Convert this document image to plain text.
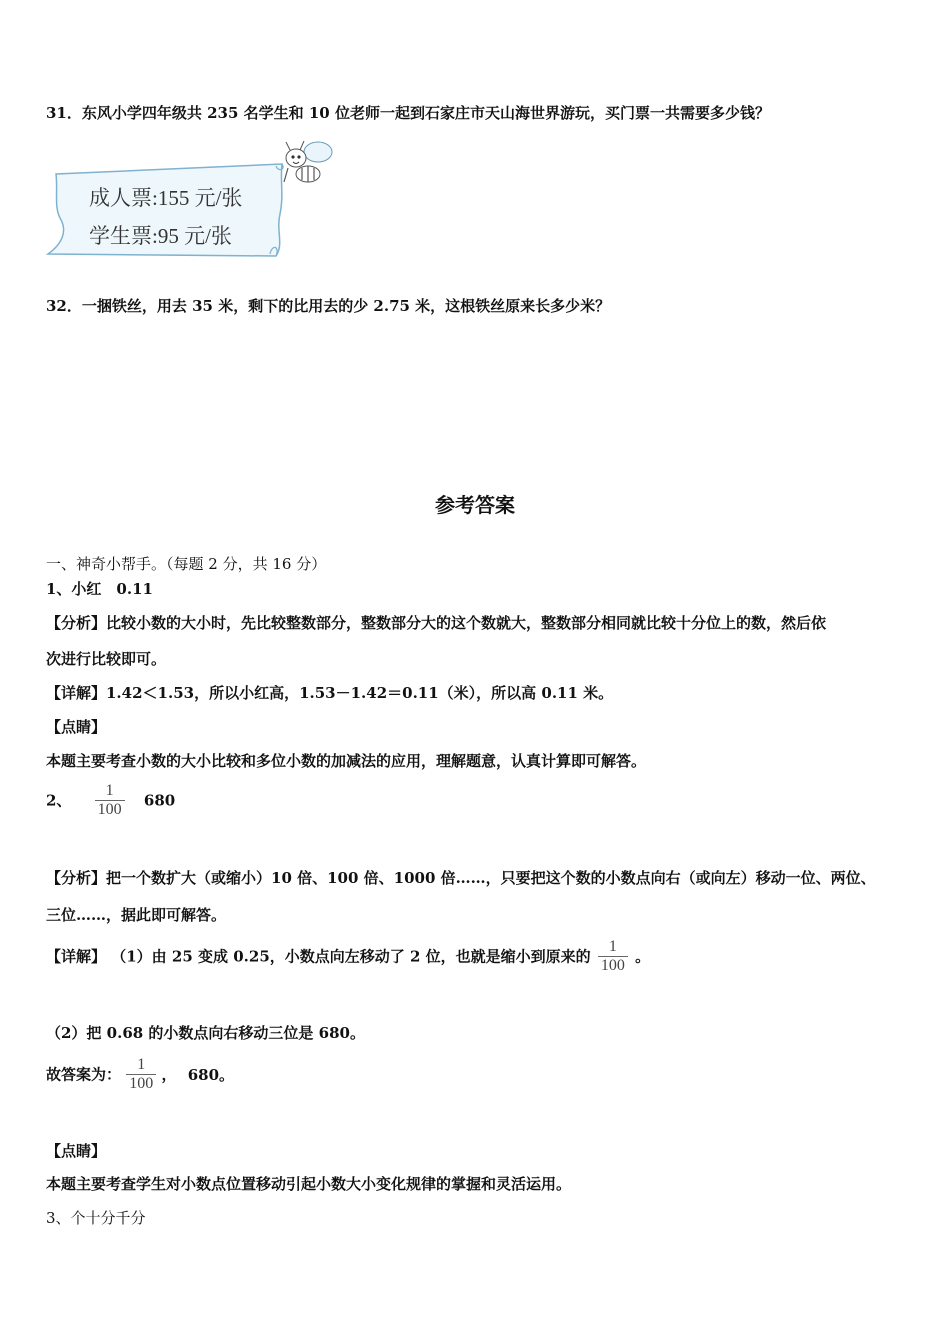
31．东风小学四年级共 235 名学生和 10 位老师一起到石家庄市天山海世界游玩，买门票一共需要多少钱？
成人票:155 元/张
学生票:95 元/张
32．一捆铁丝，用去 35 米，剩下的比用去的少 2.75 米，这根铁丝原来长多少米？
参考答案
一、神奇小帮手。（每题 2 分，共 16 分）
1、小红　0.11
【分析】比较小数的大小时，先比较整数部分，整数部分大的这个数就大，整数部分相同就比较十分位上的数，然后依
次进行比较即可。
【详解】1.42＜1.53，所以小红高，1.53－1.42＝0.11（米），所以高 0.11 米。
【点睛】
本题主要考查小数的大小比较和多位小数的加减法的应用，理解题意，认真计算即可解答。
2、 $\frac{1}{100} 680$
【分析】把一个数扩大（或缩小）10 倍、100 倍、1000 倍……，只要把这个数的小数点向右（或向左）移动一位、两位、
三位……，据此即可解答。
【详解】 （1）由 25 变成 0.25，小数点向左移动了 2 位，也就是缩小到原来的 $\frac{1}{100}$ 。
（2）把 0.68 的小数点向右移动三位是 680。
故答案为： $\frac{1}{100}$ ， 680。
【点睛】
本题主要考查学生对小数点位置移动引起小数大小变化规律的掌握和灵活运用。
3、个十分千分
